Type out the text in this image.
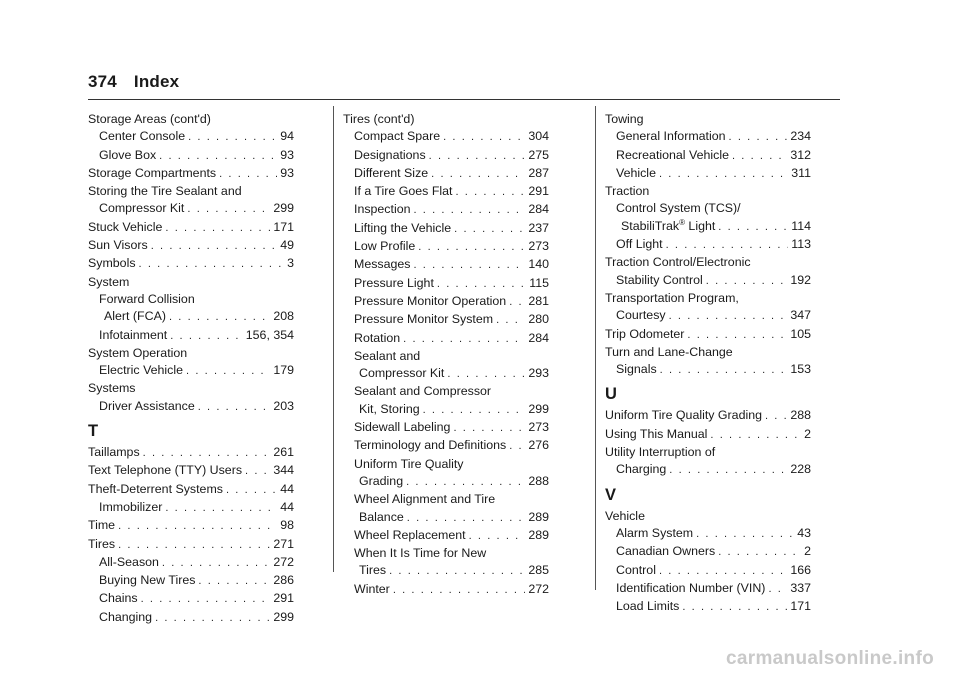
374 Index
Storage Areas (cont'd)
Center Console . . .	94
Glove Box . . .	93
Storage Compartments . . .	93
Storing the Tire Sealant and
Compressor Kit . . .	299
Stuck Vehicle . . .	171
Sun Visors . . .	49
Symbols . . .	3
System
Forward Collision
Alert (FCA) . . .	208
Infotainment . . .	156, 354
System Operation
Electric Vehicle . . .	179
Systems
Driver Assistance . . .	203
T
Taillamps . . .	261
Text Telephone (TTY) Users . . .	344
Theft-Deterrent Systems . . .	44
Immobilizer . . .	44
Time . . .	98
Tires . . .	271
All-Season . . .	272
Buying New Tires . . .	286
Chains . . .	291
Changing . . .	299
Tires (cont'd)
Compact Spare . . .	304
Designations . . .	275
Different Size . . .	287
If a Tire Goes Flat . . .	291
Inspection . . .	284
Lifting the Vehicle . . .	237
Low Profile . . .	273
Messages . . .	140
Pressure Light . . .	115
Pressure Monitor Operation . . . 281
Pressure Monitor System . . .	280
Rotation . . .	284
Sealant and
Compressor Kit . . .	293
Sealant and Compressor
Kit, Storing . . .	299
Sidewall Labeling . . .	273
Terminology and Definitions . . . 276
Uniform Tire Quality
Grading . . .	288
Wheel Alignment and Tire
Balance . . .	289
Wheel Replacement . . .	289
When It Is Time for New
Tires . . .	285
Winter . . .	272
Towing
General Information . . .	234
Recreational Vehicle . . .	312
Vehicle . . .	311
Traction
Control System (TCS)/
StabiliTrak® Light . . .	114
Off Light . . .	113
Traction Control/Electronic
Stability Control . . .	192
Transportation Program,
Courtesy . . .	347
Trip Odometer . . .	105
Turn and Lane-Change
Signals . . .	153
U
Uniform Tire Quality Grading . . . 288
Using This Manual . . .	2
Utility Interruption of
Charging . . .	228
V
Vehicle
Alarm System . . .	43
Canadian Owners . . .	2
Control . . .	166
Identification Number (VIN) . . . 337
Load Limits . . .	171
carmanualsonline.info
